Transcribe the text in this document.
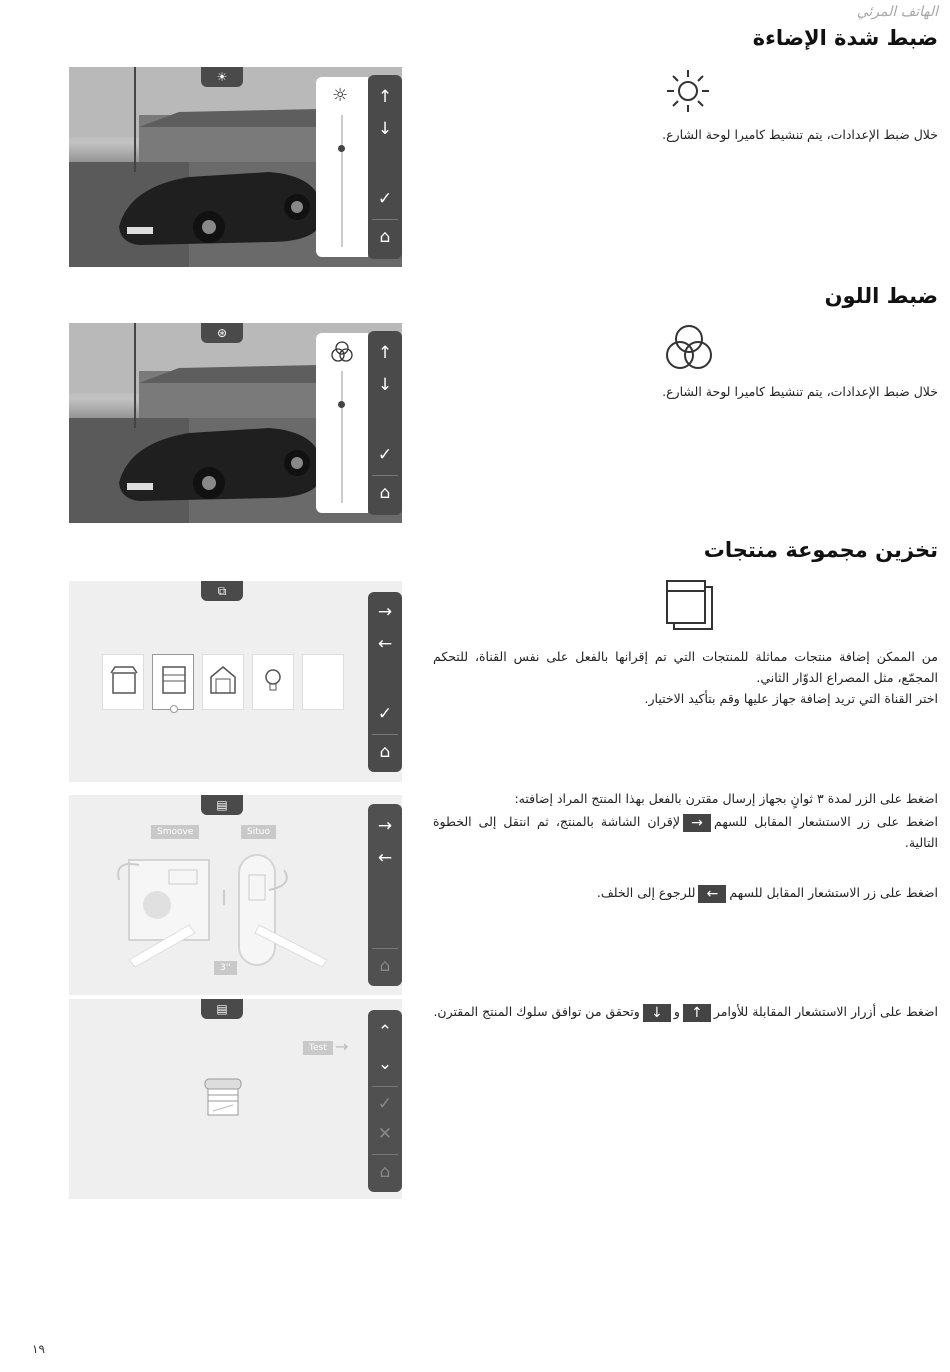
الهاتف المرئي
ضبط شدة الإضاءة
☀
☼	↑
↓
✓
⌂
خلال ضبط الإعدادات، يتم تنشيط كاميرا لوحة الشارع.
ضبط اللون
⊛
↑
↓
✓
⌂
خلال ضبط الإعدادات، يتم تنشيط كاميرا لوحة الشارع.
تخزين مجموعة منتجات
⧉
→
←
✓
⌂

من الممكن إضافة منتجات مماثلة للمنتجات التي تم إقرانها بالفعل على نفس القناة، للتحكم المجمّع، مثل المصراع الدوّار الثاني.

اختر القناة التي تريد إضافة جهاز عليها وقم بتأكيد الاختيار.

▤
Smoove	Situo
3''
→
←
⌂

اضغط على الزر لمدة ٣ ثوانٍ بجهاز إرسال مقترن بالفعل بهذا المنتج المراد إضافته:

اضغط على زر الاستشعار المقابل للسهم→لإقران الشاشة بالمنتج، ثم انتقل إلى الخطوة التالية.

اضغط على زر الاستشعار المقابل للسهم←للرجوع إلى الخلف.

▤
Test →
⌃
⌄
✓
✕
⌂

اضغط على أزرار الاستشعار المقابلة للأوامر↑و↓وتحقق من توافق سلوك المنتج المقترن.

١٩
